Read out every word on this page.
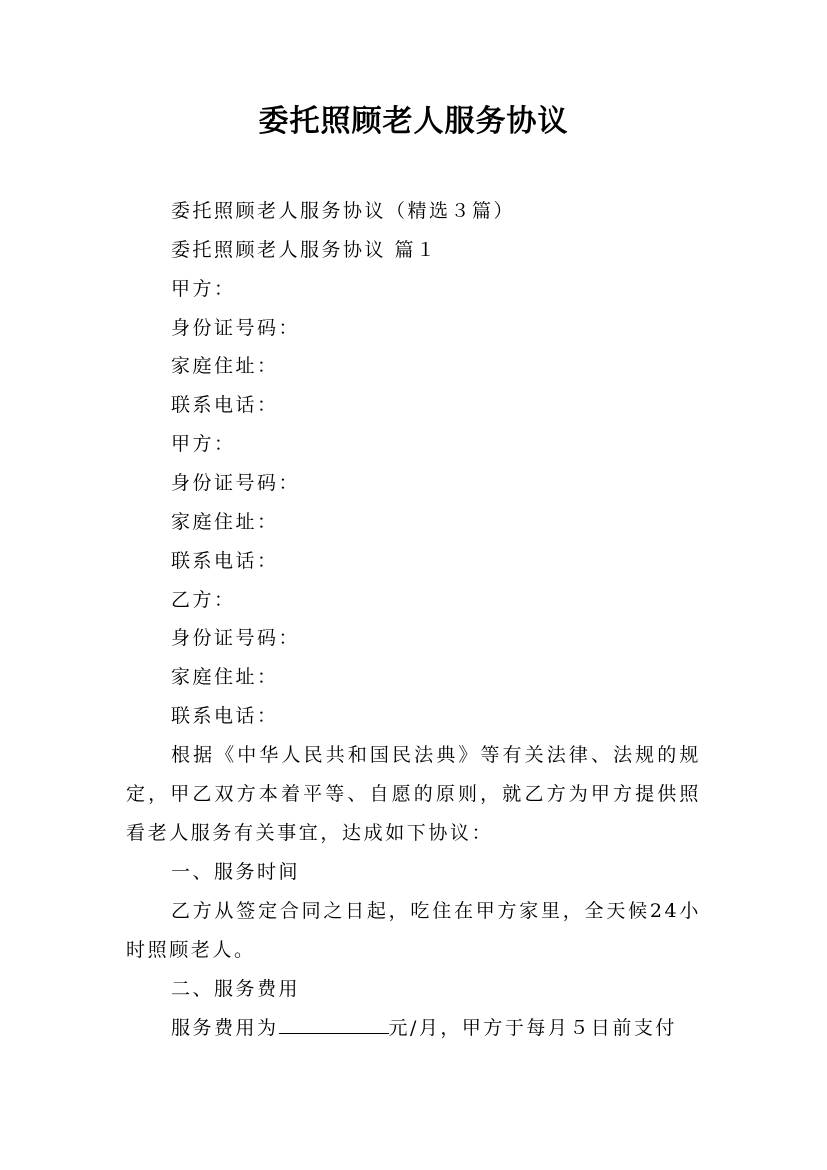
委托照顾老人服务协议
委托照顾老人服务协议（精选３篇）
委托照顾老人服务协议 篇１
甲方：
身份证号码：
家庭住址：
联系电话：
甲方：
身份证号码：
家庭住址：
联系电话：
乙方：
身份证号码：
家庭住址：
联系电话：
根据《中华人民共和国民法典》等有关法律、法规的规定，甲乙双方本着平等、自愿的原则，就乙方为甲方提供照看老人服务有关事宜，达成如下协议：
一、服务时间
乙方从签定合同之日起，吃住在甲方家里，全天候24小时照顾老人。
二、服务费用
服务费用为	元/月，甲方于每月５日前支付
